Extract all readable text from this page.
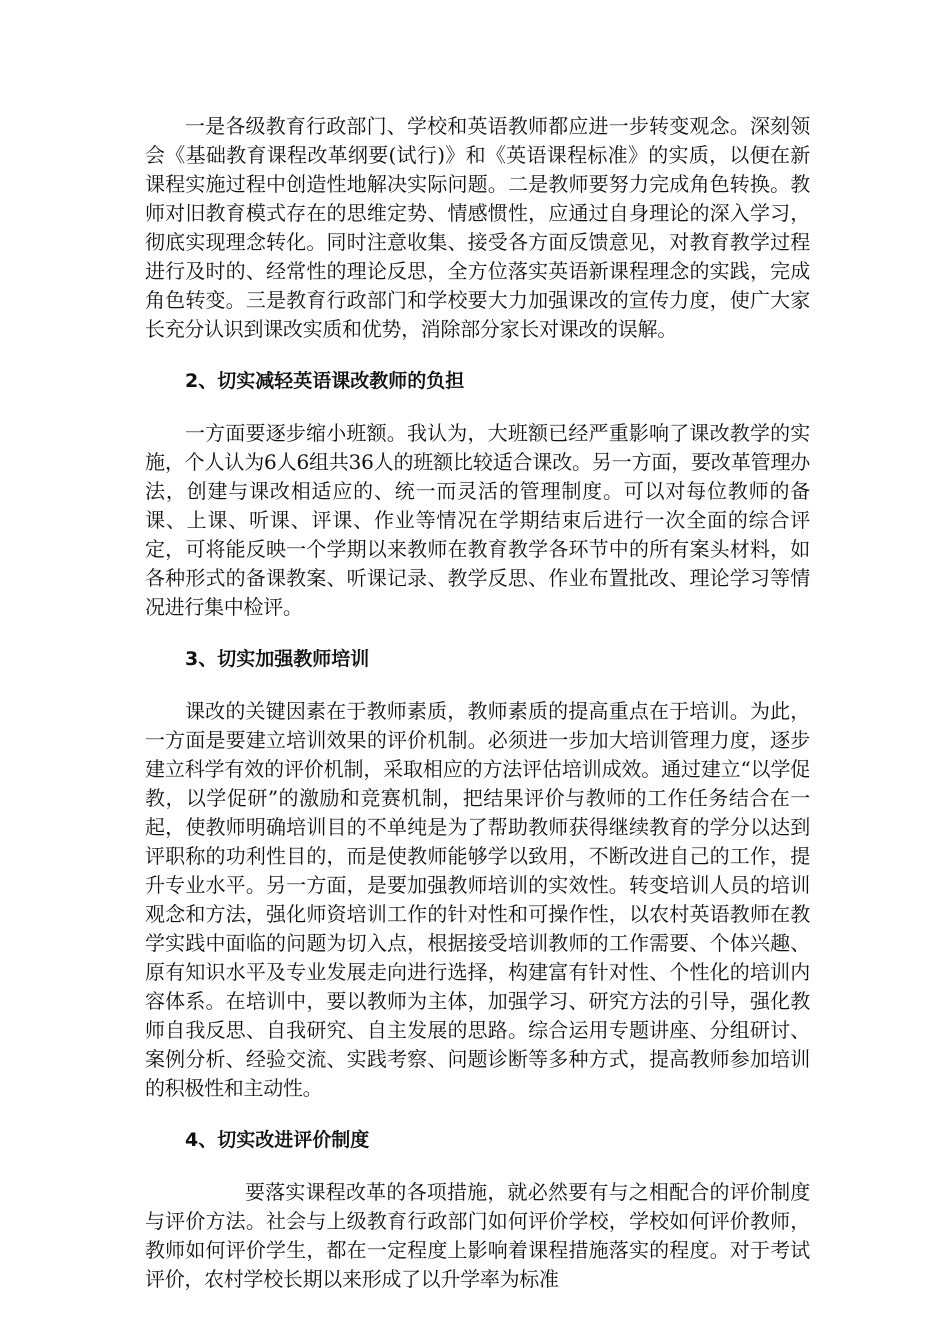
一是各级教育行政部门、学校和英语教师都应进一步转变观念。深刻领会《基础教育课程改革纲要(试行)》和《英语课程标准》的实质，以便在新课程实施过程中创造性地解决实际问题。二是教师要努力完成角色转换。教师对旧教育模式存在的思维定势、情感惯性，应通过自身理论的深入学习，彻底实现理念转化。同时注意收集、接受各方面反馈意见，对教育教学过程进行及时的、经常性的理论反思，全方位落实英语新课程理念的实践，完成角色转变。三是教育行政部门和学校要大力加强课改的宣传力度，使广大家长充分认识到课改实质和优势，消除部分家长对课改的误解。

2、切实减轻英语课改教师的负担

一方面要逐步缩小班额。我认为，大班额已经严重影响了课改教学的实施，个人认为6人6组共36人的班额比较适合课改。另一方面，要改革管理办法，创建与课改相适应的、统一而灵活的管理制度。可以对每位教师的备课、上课、听课、评课、作业等情况在学期结束后进行一次全面的综合评定，可将能反映一个学期以来教师在教育教学各环节中的所有案头材料，如各种形式的备课教案、听课记录、教学反思、作业布置批改、理论学习等情况进行集中检评。

3、切实加强教师培训

课改的关键因素在于教师素质，教师素质的提高重点在于培训。为此，一方面是要建立培训效果的评价机制。必须进一步加大培训管理力度，逐步建立科学有效的评价机制，采取相应的方法评估培训成效。通过建立“以学促教，以学促研”的激励和竞赛机制，把结果评价与教师的工作任务结合在一起，使教师明确培训目的不单纯是为了帮助教师获得继续教育的学分以达到评职称的功利性目的，而是使教师能够学以致用，不断改进自己的工作，提升专业水平。另一方面，是要加强教师培训的实效性。转变培训人员的培训观念和方法，强化师资培训工作的针对性和可操作性，以农村英语教师在教学实践中面临的问题为切入点，根据接受培训教师的工作需要、个体兴趣、原有知识水平及专业发展走向进行选择，构建富有针对性、个性化的培训内容体系。在培训中，要以教师为主体，加强学习、研究方法的引导，强化教师自我反思、自我研究、自主发展的思路。综合运用专题讲座、分组研讨、案例分析、经验交流、实践考察、问题诊断等多种方式，提高教师参加培训的积极性和主动性。

4、切实改进评价制度

要落实课程改革的各项措施，就必然要有与之相配合的评价制度与评价方法。社会与上级教育行政部门如何评价学校，学校如何评价教师，教师如何评价学生，都在一定程度上影响着课程措施落实的程度。对于考试评价，农村学校长期以来形成了以升学率为标准
